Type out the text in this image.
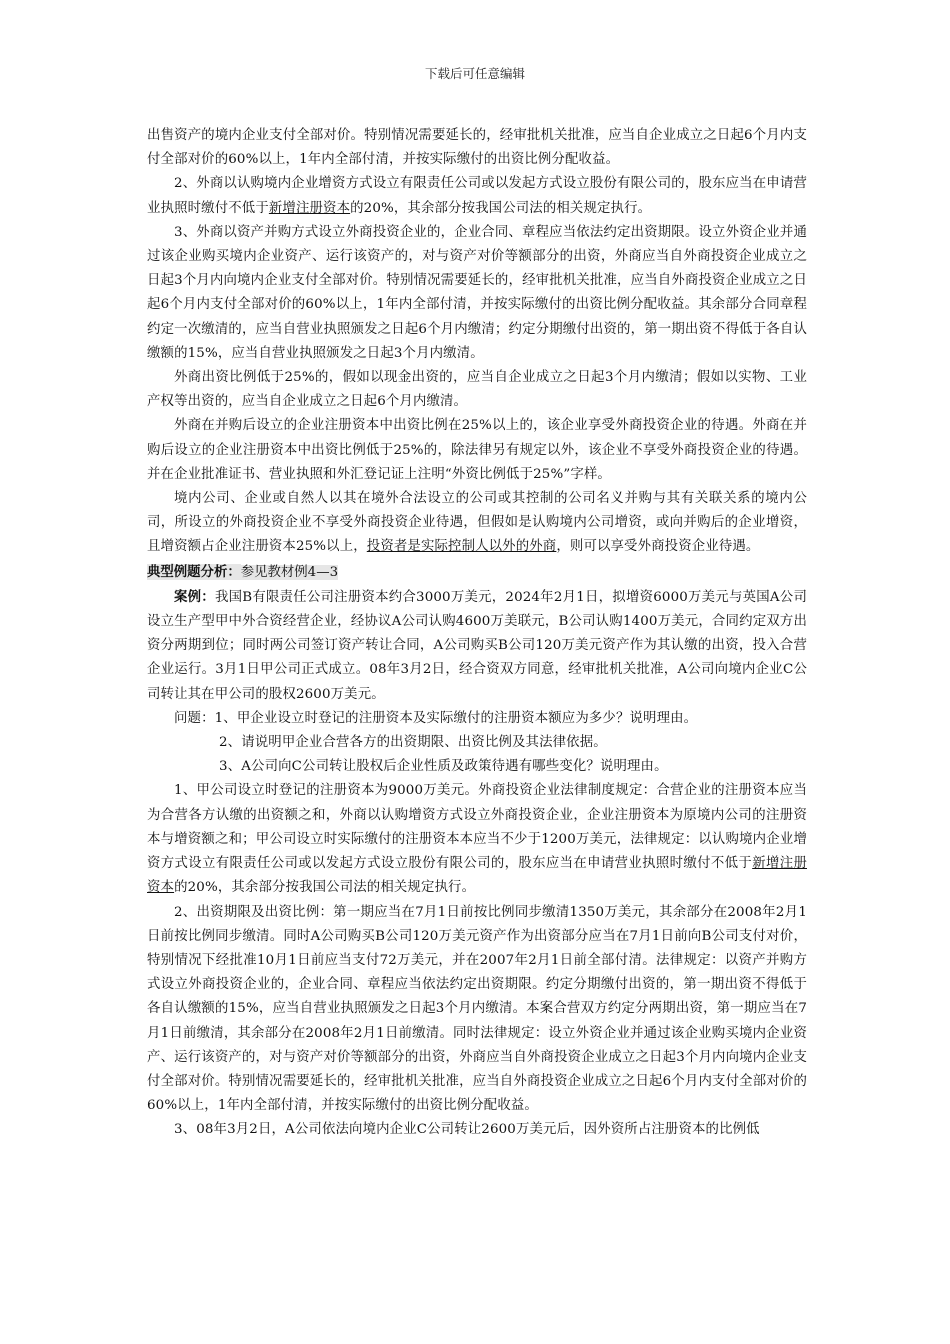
下载后可任意编辑

出售资产的境内企业支付全部对价。特别情况需要延长的，经审批机关批准，应当自企业成立之日起6个月内支付全部对价的60%以上，1年内全部付清，并按实际缴付的出资比例分配收益。

2、外商以认购境内企业增资方式设立有限责任公司或以发起方式设立股份有限公司的，股东应当在申请营业执照时缴付不低于新增注册资本的20%，其余部分按我国公司法的相关规定执行。

3、外商以资产并购方式设立外商投资企业的，企业合同、章程应当依法约定出资期限。设立外资企业并通过该企业购买境内企业资产、运行该资产的，对与资产对价等额部分的出资，外商应当自外商投资企业成立之日起3个月内向境内企业支付全部对价。特别情况需要延长的，经审批机关批准，应当自外商投资企业成立之日起6个月内支付全部对价的60%以上，1年内全部付清，并按实际缴付的出资比例分配收益。其余部分合同章程约定一次缴清的，应当自营业执照颁发之日起6个月内缴清；约定分期缴付出资的，第一期出资不得低于各自认缴额的15%，应当自营业执照颁发之日起3个月内缴清。

外商出资比例低于25%的，假如以现金出资的，应当自企业成立之日起3个月内缴清；假如以实物、工业产权等出资的，应当自企业成立之日起6个月内缴清。

外商在并购后设立的企业注册资本中出资比例在25%以上的，该企业享受外商投资企业的待遇。外商在并购后设立的企业注册资本中出资比例低于25%的，除法律另有规定以外，该企业不享受外商投资企业的待遇。并在企业批准证书、营业执照和外汇登记证上注明“外资比例低于25%”字样。

境内公司、企业或自然人以其在境外合法设立的公司或其控制的公司名义并购与其有关联关系的境内公司，所设立的外商投资企业不享受外商投资企业待遇，但假如是认购境内公司增资，或向并购后的企业增资，且增资额占企业注册资本25%以上，投资者是实际控制人以外的外商，则可以享受外商投资企业待遇。

典型例题分析：参见教材例4—3

案例：我国B有限责任公司注册资本约合3000万美元，2024年2月1日，拟增资6000万美元与英国A公司设立生产型甲中外合资经营企业，经协议A公司认购4600万美联元，B公司认购1400万美元，合同约定双方出资分两期到位；同时两公司签订资产转让合同，A公司购买B公司120万美元资产作为其认缴的出资，投入合营企业运行。3月1日甲公司正式成立。08年3月2日，经合资双方同意，经审批机关批准，A公司向境内企业C公司转让其在甲公司的股权2600万美元。

问题：1、甲企业设立时登记的注册资本及实际缴付的注册资本额应为多少？说明理由。

2、请说明甲企业合营各方的出资期限、出资比例及其法律依据。

3、A公司向C公司转让股权后企业性质及政策待遇有哪些变化？说明理由。

1、甲公司设立时登记的注册资本为9000万美元。外商投资企业法律制度规定：合营企业的注册资本应当为合营各方认缴的出资额之和，外商以认购增资方式设立外商投资企业，企业注册资本为原境内公司的注册资本与增资额之和；甲公司设立时实际缴付的注册资本本应当不少于1200万美元，法律规定：以认购境内企业增资方式设立有限责任公司或以发起方式设立股份有限公司的，股东应当在申请营业执照时缴付不低于新增注册资本的20%，其余部分按我国公司法的相关规定执行。

2、出资期限及出资比例：第一期应当在7月1日前按比例同步缴清1350万美元，其余部分在2008年2月1日前按比例同步缴清。同时A公司购买B公司120万美元资产作为出资部分应当在7月1日前向B公司支付对价，特别情况下经批准10月1日前应当支付72万美元，并在2007年2月1日前全部付清。法律规定：以资产并购方式设立外商投资企业的，企业合同、章程应当依法约定出资期限。约定分期缴付出资的，第一期出资不得低于各自认缴额的15%，应当自营业执照颁发之日起3个月内缴清。本案合营双方约定分两期出资，第一期应当在7月1日前缴清，其余部分在2008年2月1日前缴清。同时法律规定：设立外资企业并通过该企业购买境内企业资产、运行该资产的，对与资产对价等额部分的出资，外商应当自外商投资企业成立之日起3个月内向境内企业支付全部对价。特别情况需要延长的，经审批机关批准，应当自外商投资企业成立之日起6个月内支付全部对价的60%以上，1年内全部付清，并按实际缴付的出资比例分配收益。

3、08年3月2日，A公司依法向境内企业C公司转让2600万美元后，因外资所占注册资本的比例低
